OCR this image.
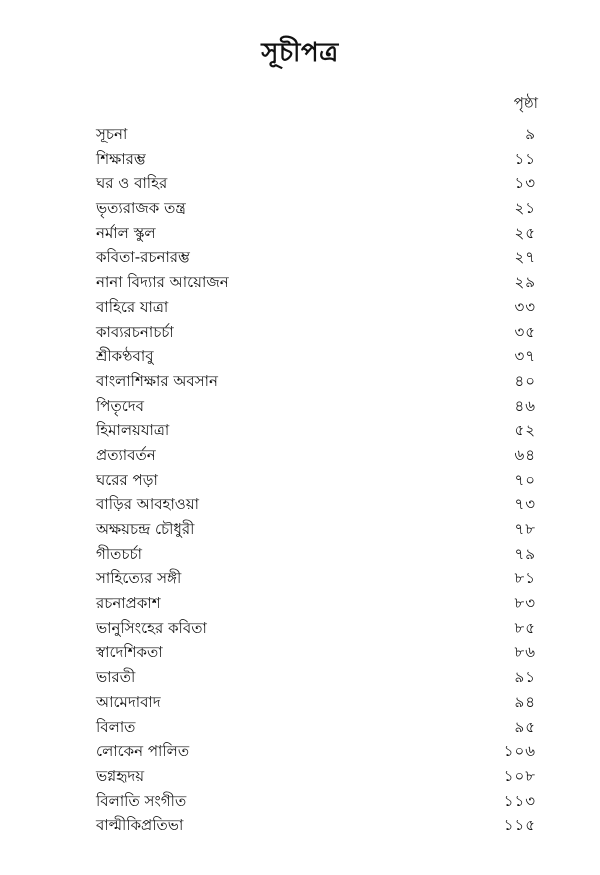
সূচীপত্র
পৃষ্ঠা
সূচনা	৯
শিক্ষারম্ভ	১১
ঘর ও বাহির	১৩
ভৃত্যরাজক তন্ত্র	২১
নর্মাল স্কুল	২৫
কবিতা-রচনারম্ভ	২৭
নানা বিদ্যার আয়োজন	২৯
বাহিরে যাত্রা	৩৩
কাব্যরচনাচর্চা	৩৫
শ্রীকণ্ঠবাবু	৩৭
বাংলাশিক্ষার অবসান	৪০
পিতৃদেব	৪৬
হিমালয়যাত্রা	৫২
প্রত্যাবর্তন	৬৪
ঘরের পড়া	৭০
বাড়ির আবহাওয়া	৭৩
অক্ষয়চন্দ্র চৌধুরী	৭৮
গীতচর্চা	৭৯
সাহিত্যের সঙ্গী	৮১
রচনাপ্রকাশ	৮৩
ভানুসিংহের কবিতা	৮৫
স্বাদেশিকতা	৮৬
ভারতী	৯১
আমেদাবাদ	৯৪
বিলাত	৯৫
লোকেন পালিত	১০৬
ভগ্নহৃদয়	১০৮
বিলাতি সংগীত	১১৩
বাল্মীকিপ্রতিভা	১১৫
